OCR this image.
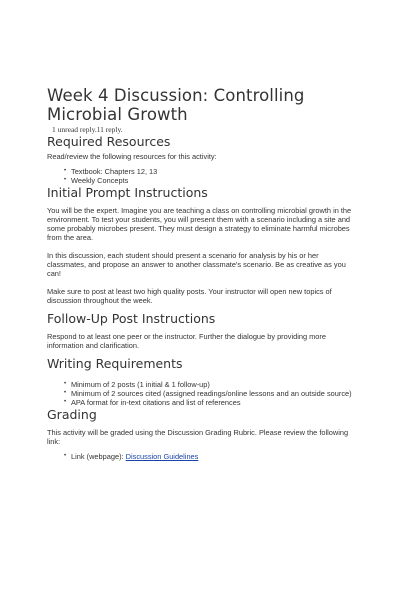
Week 4 Discussion: Controlling Microbial Growth
1 unread reply.11 reply.
Required Resources

Read/review the following resources for this activity:

• Textbook: Chapters 12, 13
• Weekly Concepts
Initial Prompt Instructions

You will be the expert. Imagine you are teaching a class on controlling microbial growth in the environment. To test your students, you will present them with a scenario including a site and some probably microbes present. They must design a strategy to eliminate harmful microbes from the area.

In this discussion, each student should present a scenario for analysis by his or her classmates, and propose an answer to another classmate's scenario. Be as creative as you can!

Make sure to post at least two high quality posts. Your instructor will open new topics of discussion throughout the week.

Follow-Up Post Instructions

Respond to at least one peer or the instructor. Further the dialogue by providing more information and clarification.

Writing Requirements
• Minimum of 2 posts (1 initial & 1 follow-up)
• Minimum of 2 sources cited (assigned readings/online lessons and an outside source)
• APA format for in-text citations and list of references
Grading

This activity will be graded using the Discussion Grading Rubric. Please review the following link:

• Link (webpage): Discussion Guidelines
